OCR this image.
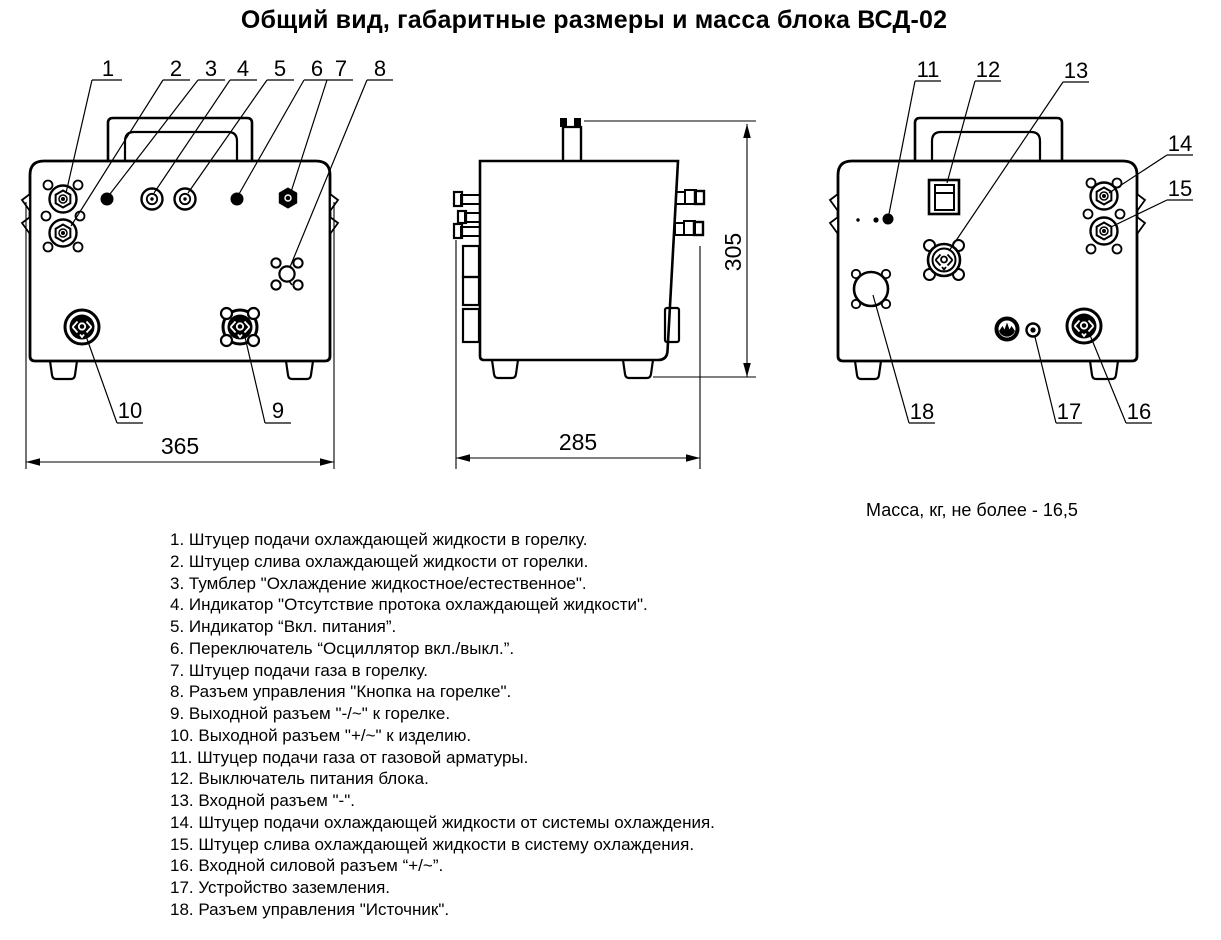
Общий вид, габаритные размеры и масса блока ВСД-02
1	2 3 4 5 6 7 8
10	9
365
305
285
11 12	13
14
15
18	17 16
Масса, кг, не более - 16,5
1. Штуцер подачи охлаждающей жидкости в горелку.
2. Штуцер слива охлаждающей жидкости от горелки.
3. Тумблер "Охлаждение жидкостное/естественное".
4. Индикатор "Отсутствие протока охлаждающей жидкости".
5. Индикатор “Вкл. питания”.
6. Переключатель “Осциллятор вкл./выкл.”.
7. Штуцер подачи газа в горелку.
8. Разъем управления "Кнопка на горелке".
9. Выходной разъем "-/~" к горелке.
10. Выходной разъем "+/~" к изделию.
11. Штуцер подачи газа от газовой арматуры.
12. Выключатель питания блока.
13. Входной разъем "-".
14. Штуцер подачи охлаждающей жидкости от системы охлаждения.
15. Штуцер слива охлаждающей жидкости в систему охлаждения.
16. Входной силовой разъем “+/~”.
17. Устройство заземления.
18. Разъем управления "Источник".
